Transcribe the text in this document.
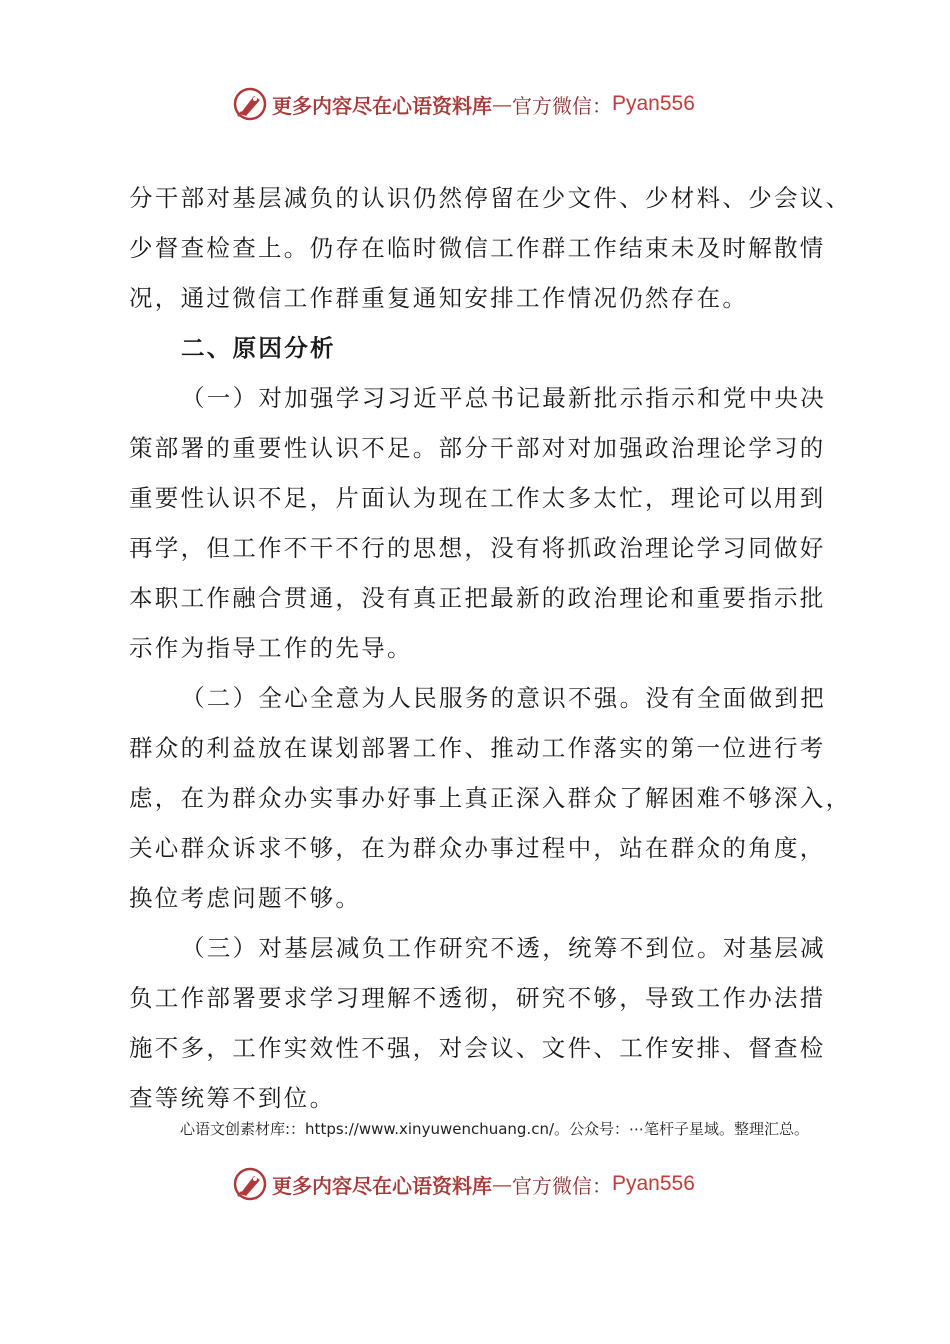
更多内容尽在心语资料库 — 官方微信： Pyan556
分干部对基层减负的认识仍然停留在少文件、少材料、少会议、
少督查检查上。仍存在临时微信工作群工作结束未及时解散情
况，通过微信工作群重复通知安排工作情况仍然存在。
二、原因分析
（一）对加强学习习近平总书记最新批示指示和党中央决
策部署的重要性认识不足。部分干部对对加强政治理论学习的
重要性认识不足，片面认为现在工作太多太忙，理论可以用到
再学，但工作不干不行的思想，没有将抓政治理论学习同做好
本职工作融合贯通，没有真正把最新的政治理论和重要指示批
示作为指导工作的先导。
（二）全心全意为人民服务的意识不强。没有全面做到把
群众的利益放在谋划部署工作、推动工作落实的第一位进行考
虑，在为群众办实事办好事上真正深入群众了解困难不够深入，
关心群众诉求不够，在为群众办事过程中，站在群众的角度，
换位考虑问题不够。
（三）对基层减负工作研究不透，统筹不到位。对基层减
负工作部署要求学习理解不透彻，研究不够，导致工作办法措
施不多，工作实效性不强，对会议、文件、工作安排、督查检
查等统筹不到位。
心语文创素材库:：https://www.xinyuwenchuang.cn/。公众号：⋯笔杆子星域。整理汇总。
更多内容尽在心语资料库 — 官方微信： Pyan556
